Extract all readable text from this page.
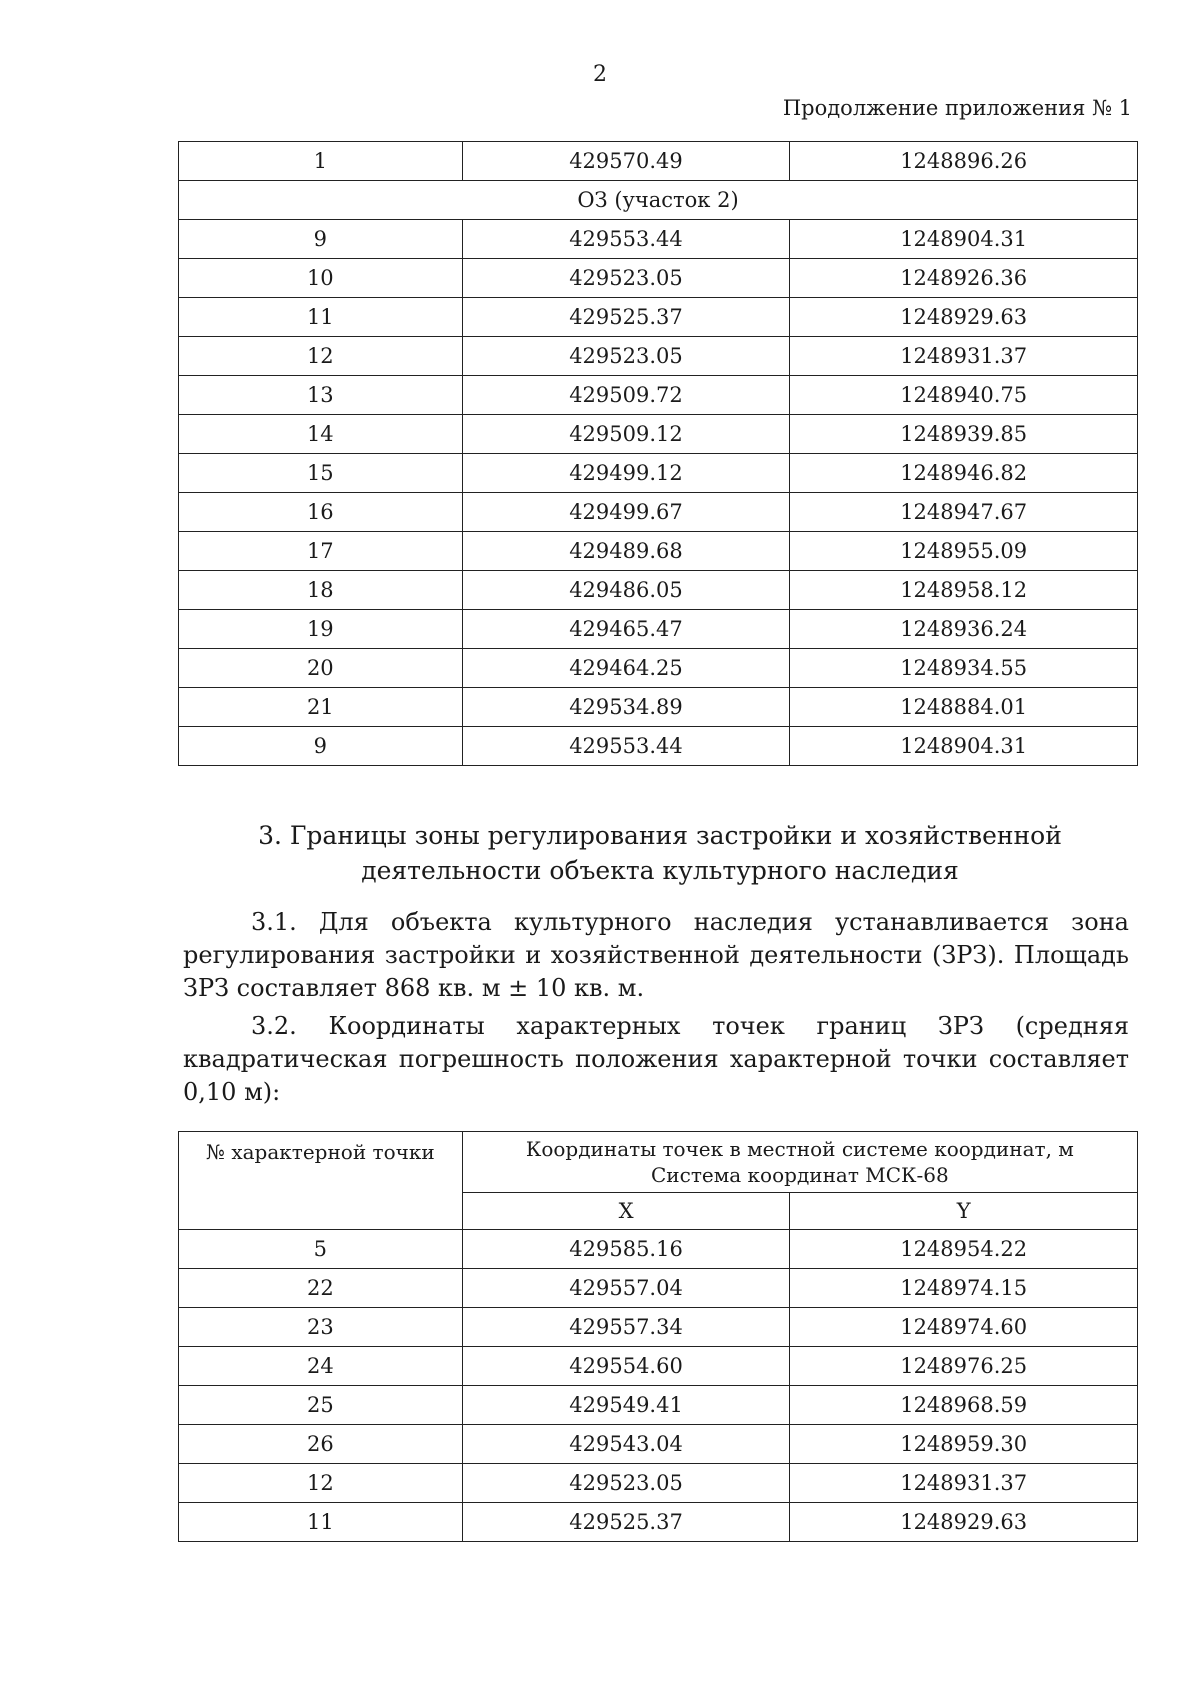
2
Продолжение приложения № 1
1	429570.49	1248896.26
ОЗ (участок 2)		
9	429553.44	1248904.31
10	429523.05	1248926.36
11	429525.37	1248929.63
12	429523.05	1248931.37
13	429509.72	1248940.75
14	429509.12	1248939.85
15	429499.12	1248946.82
16	429499.67	1248947.67
17	429489.68	1248955.09
18	429486.05	1248958.12
19	429465.47	1248936.24
20	429464.25	1248934.55
21	429534.89	1248884.01
9	429553.44	1248904.31
3. Границы зоны регулирования застройки и хозяйственной
деятельности объекта культурного наследия
3.1. Для объекта культурного наследия устанавливается зона регулирования застройки и хозяйственной деятельности (ЗРЗ). Площадь ЗРЗ составляет 868 кв. м ± 10 кв. м.
3.2. Координаты характерных точек границ ЗРЗ (средняя квадратическая погрешность положения характерной точки составляет 0,10 м):
№ характерной точки	Координаты точек в местной системе координат, м
Система координат МСК-68	

	X	Y
5	429585.16	1248954.22
22	429557.04	1248974.15
23	429557.34	1248974.60
24	429554.60	1248976.25
25	429549.41	1248968.59
26	429543.04	1248959.30
12	429523.05	1248931.37
11	429525.37	1248929.63
